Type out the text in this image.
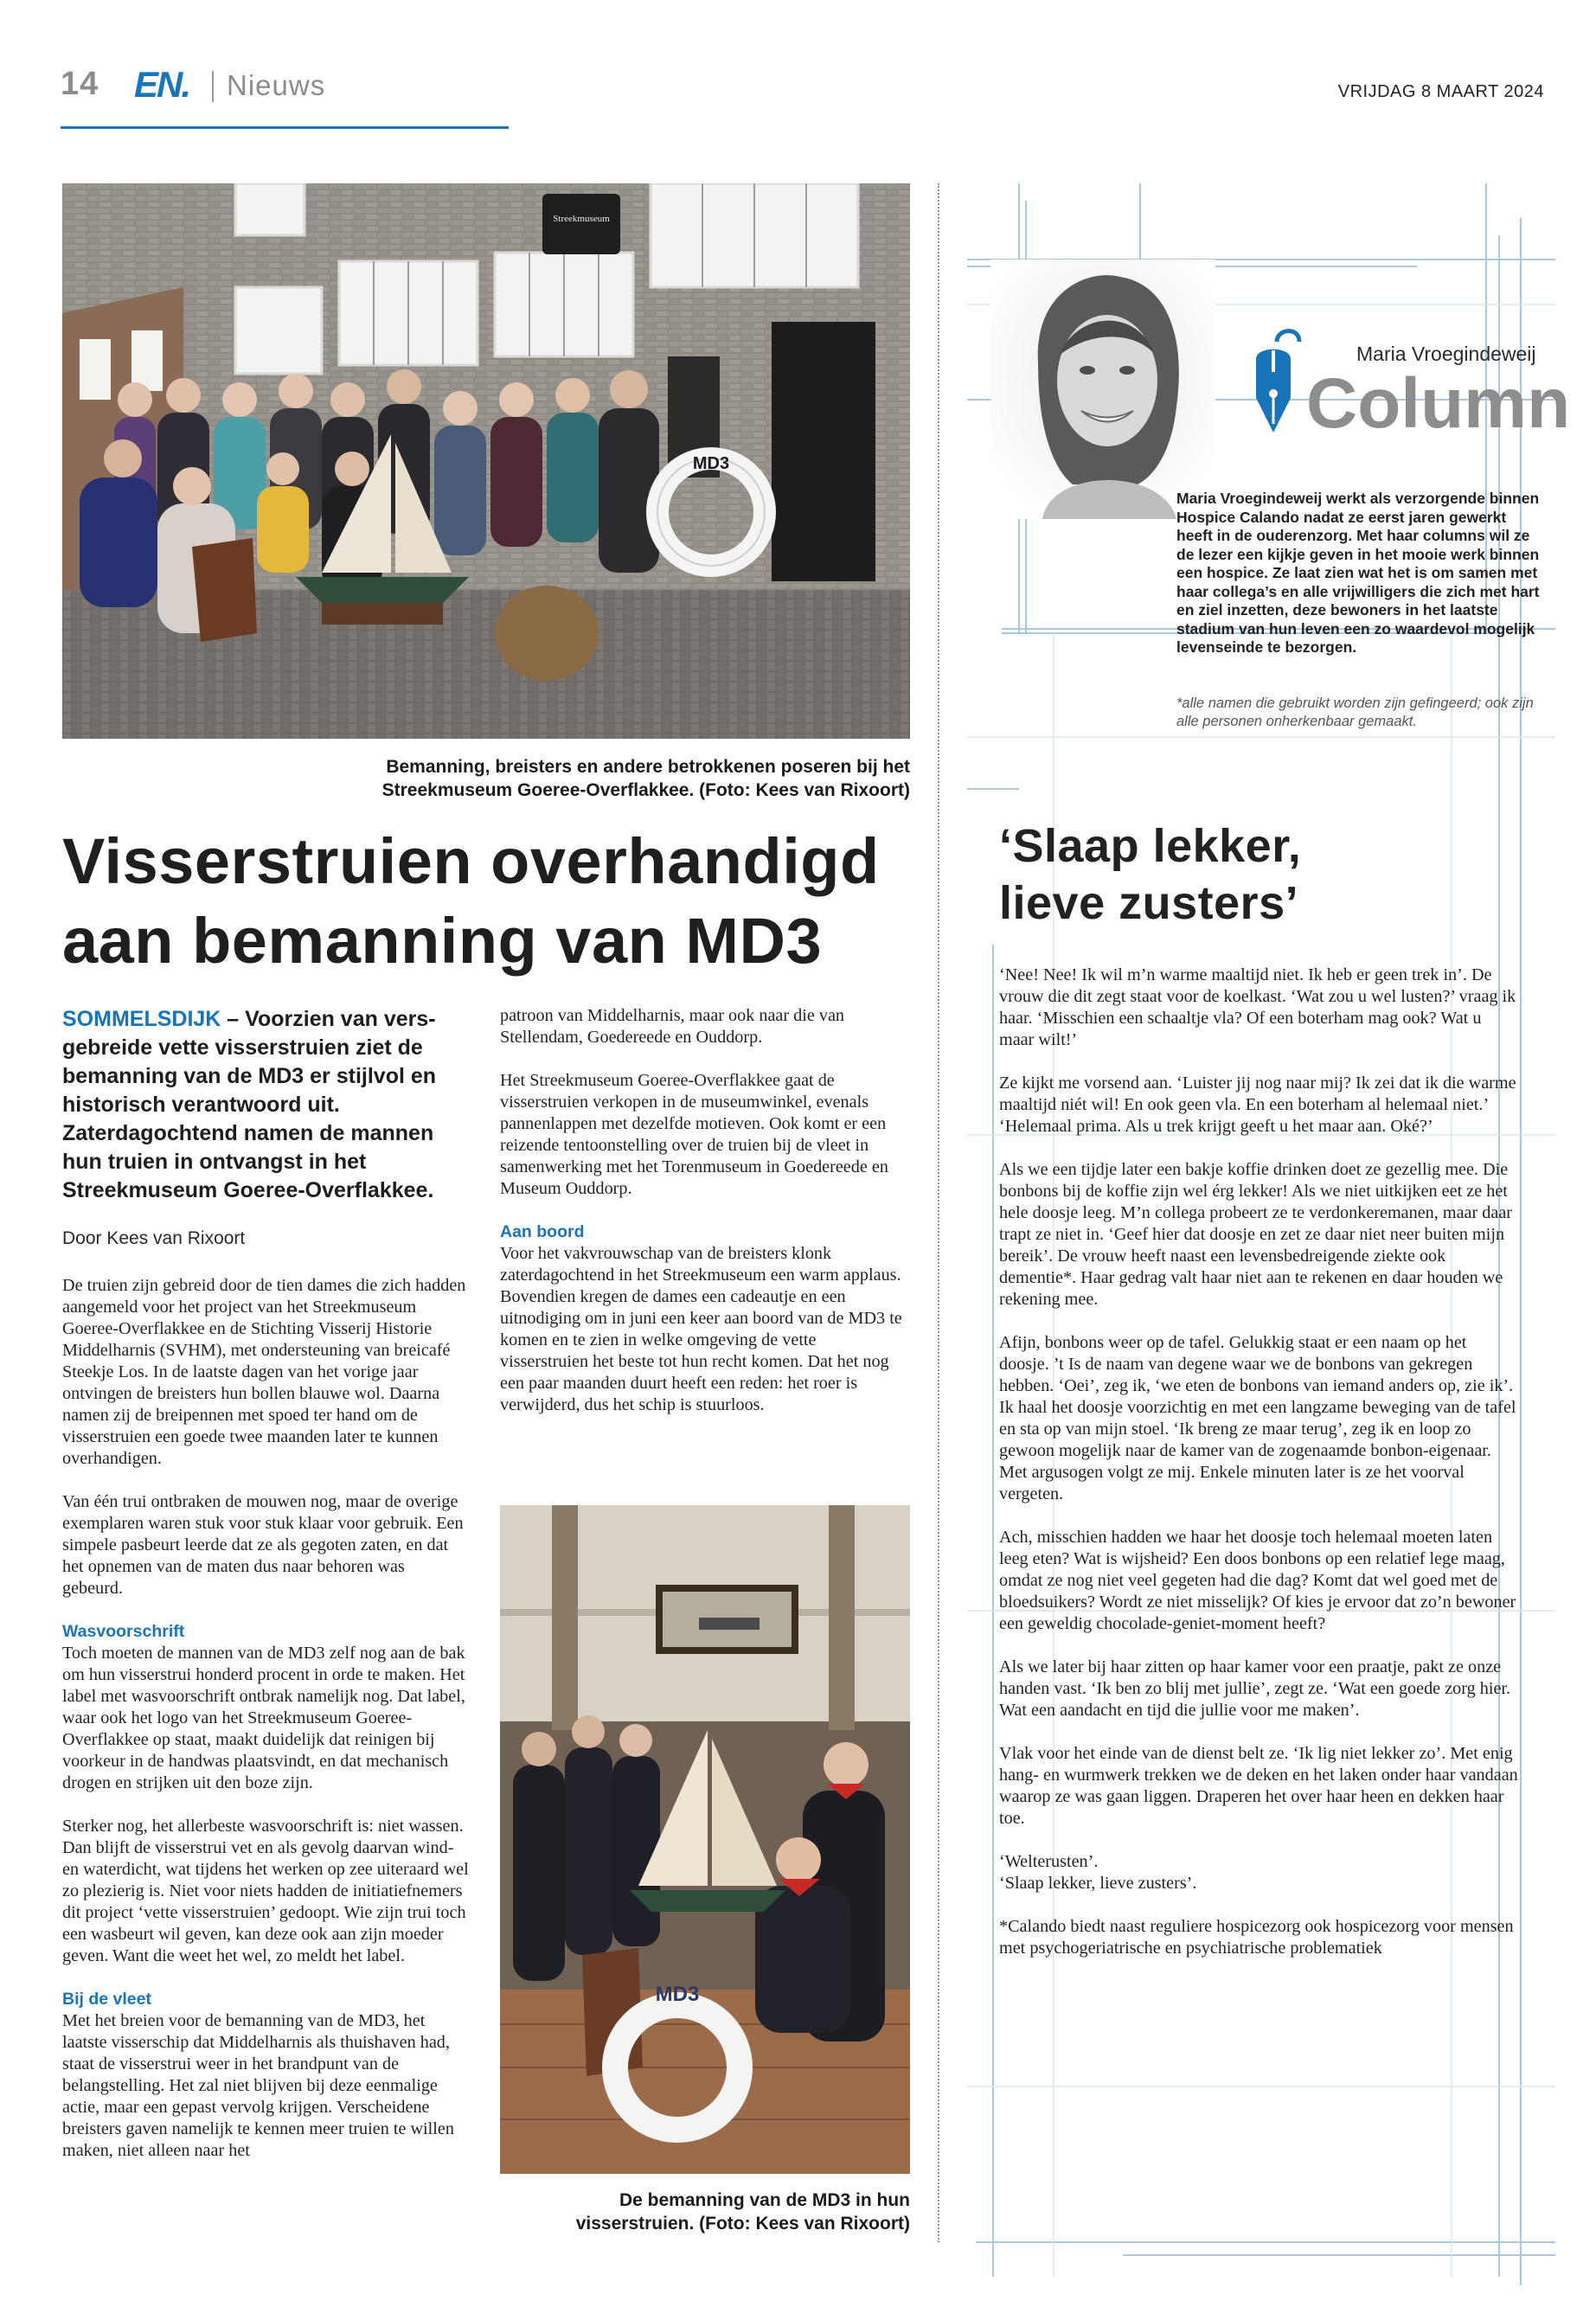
14 EN. Nieuws	VRIJDAG 8 MAART 2024
Streekmuseum
MD3
Bemanning, breisters en andere betrokkenen poseren bij het
Streekmuseum Goeree-Overflakkee. (Foto: Kees van Rixoort)
Visserstruien overhandigd
aan bemanning van MD3
SOMMELSDIJK – Voorzien van vers-gebreide vette visserstruien ziet de bemanning van de MD3 er stijlvol en historisch verantwoord uit. Zaterdagochtend namen de mannen hun truien in ontvangst in het Streekmuseum Goeree-Overflakkee.
Door Kees van Rixoort

De truien zijn gebreid door de tien dames die zich hadden aangemeld voor het project van het Streekmuseum Goeree-Overflakkee en de Stichting Visserij Historie Middelharnis (SVHM), met ondersteuning van breicafé Steekje Los. In de laatste dagen van het vorige jaar ontvingen de breisters hun bollen blauwe wol. Daarna namen zij de breipennen met spoed ter hand om de visserstruien een goede twee maanden later te kunnen overhandigen.

Van één trui ontbraken de mouwen nog, maar de overige exemplaren waren stuk voor stuk klaar voor gebruik. Een simpele pasbeurt leerde dat ze als gegoten zaten, en dat het opnemen van de maten dus naar behoren was gebeurd.

Wasvoorschrift

Toch moeten de mannen van de MD3 zelf nog aan de bak om hun visserstrui honderd procent in orde te maken. Het label met wasvoorschrift ontbrak namelijk nog. Dat label, waar ook het logo van het Streekmuseum Goeree-Overflakkee op staat, maakt duidelijk dat reinigen bij voorkeur in de handwas plaatsvindt, en dat mechanisch drogen en strijken uit den boze zijn.

Sterker nog, het allerbeste wasvoorschrift is: niet wassen. Dan blijft de visserstrui vet en als gevolg daarvan wind- en waterdicht, wat tijdens het werken op zee uiteraard wel zo plezierig is. Niet voor niets hadden de initiatiefnemers dit project ‘vette visserstruien’ gedoopt. Wie zijn trui toch een wasbeurt wil geven, kan deze ook aan zijn moeder geven. Want die weet het wel, zo meldt het label.

Bij de vleet

Met het breien voor de bemanning van de MD3, het laatste visserschip dat Middelharnis als thuishaven had, staat de visserstrui weer in het brandpunt van de belangstelling. Het zal niet blijven bij deze eenmalige actie, maar een gepast vervolg krijgen. Verscheidene breisters gaven namelijk te kennen meer truien te willen maken, niet alleen naar het

patroon van Middelharnis, maar ook naar die van Stellendam, Goedereede en Ouddorp.

Het Streekmuseum Goeree-Overflakkee gaat de visserstruien verkopen in de museumwinkel, evenals pannenlappen met dezelfde motieven. Ook komt er een reizende tentoonstelling over de truien bij de vleet in samenwerking met het Torenmuseum in Goedereede en Museum Ouddorp.

Aan boord

Voor het vakvrouwschap van de breisters klonk zaterdagochtend in het Streekmuseum een warm applaus. Bovendien kregen de dames een cadeautje en een uitnodiging om in juni een keer aan boord van de MD3 te komen en te zien in welke omgeving de vette visserstruien het beste tot hun recht komen. Dat het nog een paar maanden duurt heeft een reden: het roer is verwijderd, dus het schip is stuurloos.

MD3
De bemanning van de MD3 in hun
visserstruien. (Foto: Kees van Rixoort)
Maria Vroegindeweij
Column
Maria Vroegindeweij werkt als verzorgende binnen Hospice Calando nadat ze eerst jaren gewerkt heeft in de ouderenzorg. Met haar columns wil ze de lezer een kijkje geven in het mooie werk binnen een hospice. Ze laat zien wat het is om samen met haar collega’s en alle vrijwilligers die zich met hart en ziel inzetten, deze bewoners in het laatste stadium van hun leven een zo waardevol mogelijk levenseinde te bezorgen.
*alle namen die gebruikt worden zijn gefingeerd; ook zijn alle personen onherkenbaar gemaakt.
‘Slaap lekker,
lieve zusters’

‘Nee! Nee! Ik wil m’n warme maaltijd niet. Ik heb er geen trek in’. De vrouw die dit zegt staat voor de koelkast. ‘Wat zou u wel lusten?’ vraag ik haar. ‘Misschien een schaaltje vla? Of een boterham mag ook? Wat u maar wilt!’

Ze kijkt me vorsend aan. ‘Luister jij nog naar mij? Ik zei dat ik die warme maaltijd niét wil! En ook geen vla. En een boterham al helemaal niet.’ ‘Helemaal prima. Als u trek krijgt geeft u het maar aan. Oké?’

Als we een tijdje later een bakje koffie drinken doet ze gezellig mee. Die bonbons bij de koffie zijn wel érg lekker! Als we niet uitkijken eet ze het hele doosje leeg. M’n collega probeert ze te verdonkeremanen, maar daar trapt ze niet in. ‘Geef hier dat doosje en zet ze daar niet neer buiten mijn bereik’. De vrouw heeft naast een levensbedreigende ziekte ook dementie*. Haar gedrag valt haar niet aan te rekenen en daar houden we rekening mee.

Afijn, bonbons weer op de tafel. Gelukkig staat er een naam op het doosje. ’t Is de naam van degene waar we de bonbons van gekregen hebben. ‘Oei’, zeg ik, ‘we eten de bonbons van iemand anders op, zie ik’. Ik haal het doosje voorzichtig en met een langzame beweging van de tafel en sta op van mijn stoel. ‘Ik breng ze maar terug’, zeg ik en loop zo gewoon mogelijk naar de kamer van de zogenaamde bonbon-eigenaar. Met argusogen volgt ze mij. Enkele minuten later is ze het voorval vergeten.

Ach, misschien hadden we haar het doosje toch helemaal moeten laten leeg eten? Wat is wijsheid? Een doos bonbons op een relatief lege maag, omdat ze nog niet veel gegeten had die dag? Komt dat wel goed met de bloedsuikers? Wordt ze niet misselijk? Of kies je ervoor dat zo’n bewoner een geweldig chocolade-geniet-moment heeft?

Als we later bij haar zitten op haar kamer voor een praatje, pakt ze onze handen vast. ‘Ik ben zo blij met jullie’, zegt ze. ‘Wat een goede zorg hier. Wat een aandacht en tijd die jullie voor me maken’.

Vlak voor het einde van de dienst belt ze. ‘Ik lig niet lekker zo’. Met enig hang- en wurmwerk trekken we de deken en het laken onder haar vandaan waarop ze was gaan liggen. Draperen het over haar heen en dekken haar toe.

‘Welterusten’.

‘Slaap lekker, lieve zusters’.

*Calando biedt naast reguliere hospicezorg ook hospicezorg voor mensen met psychogeriatrische en psychiatrische problematiek
